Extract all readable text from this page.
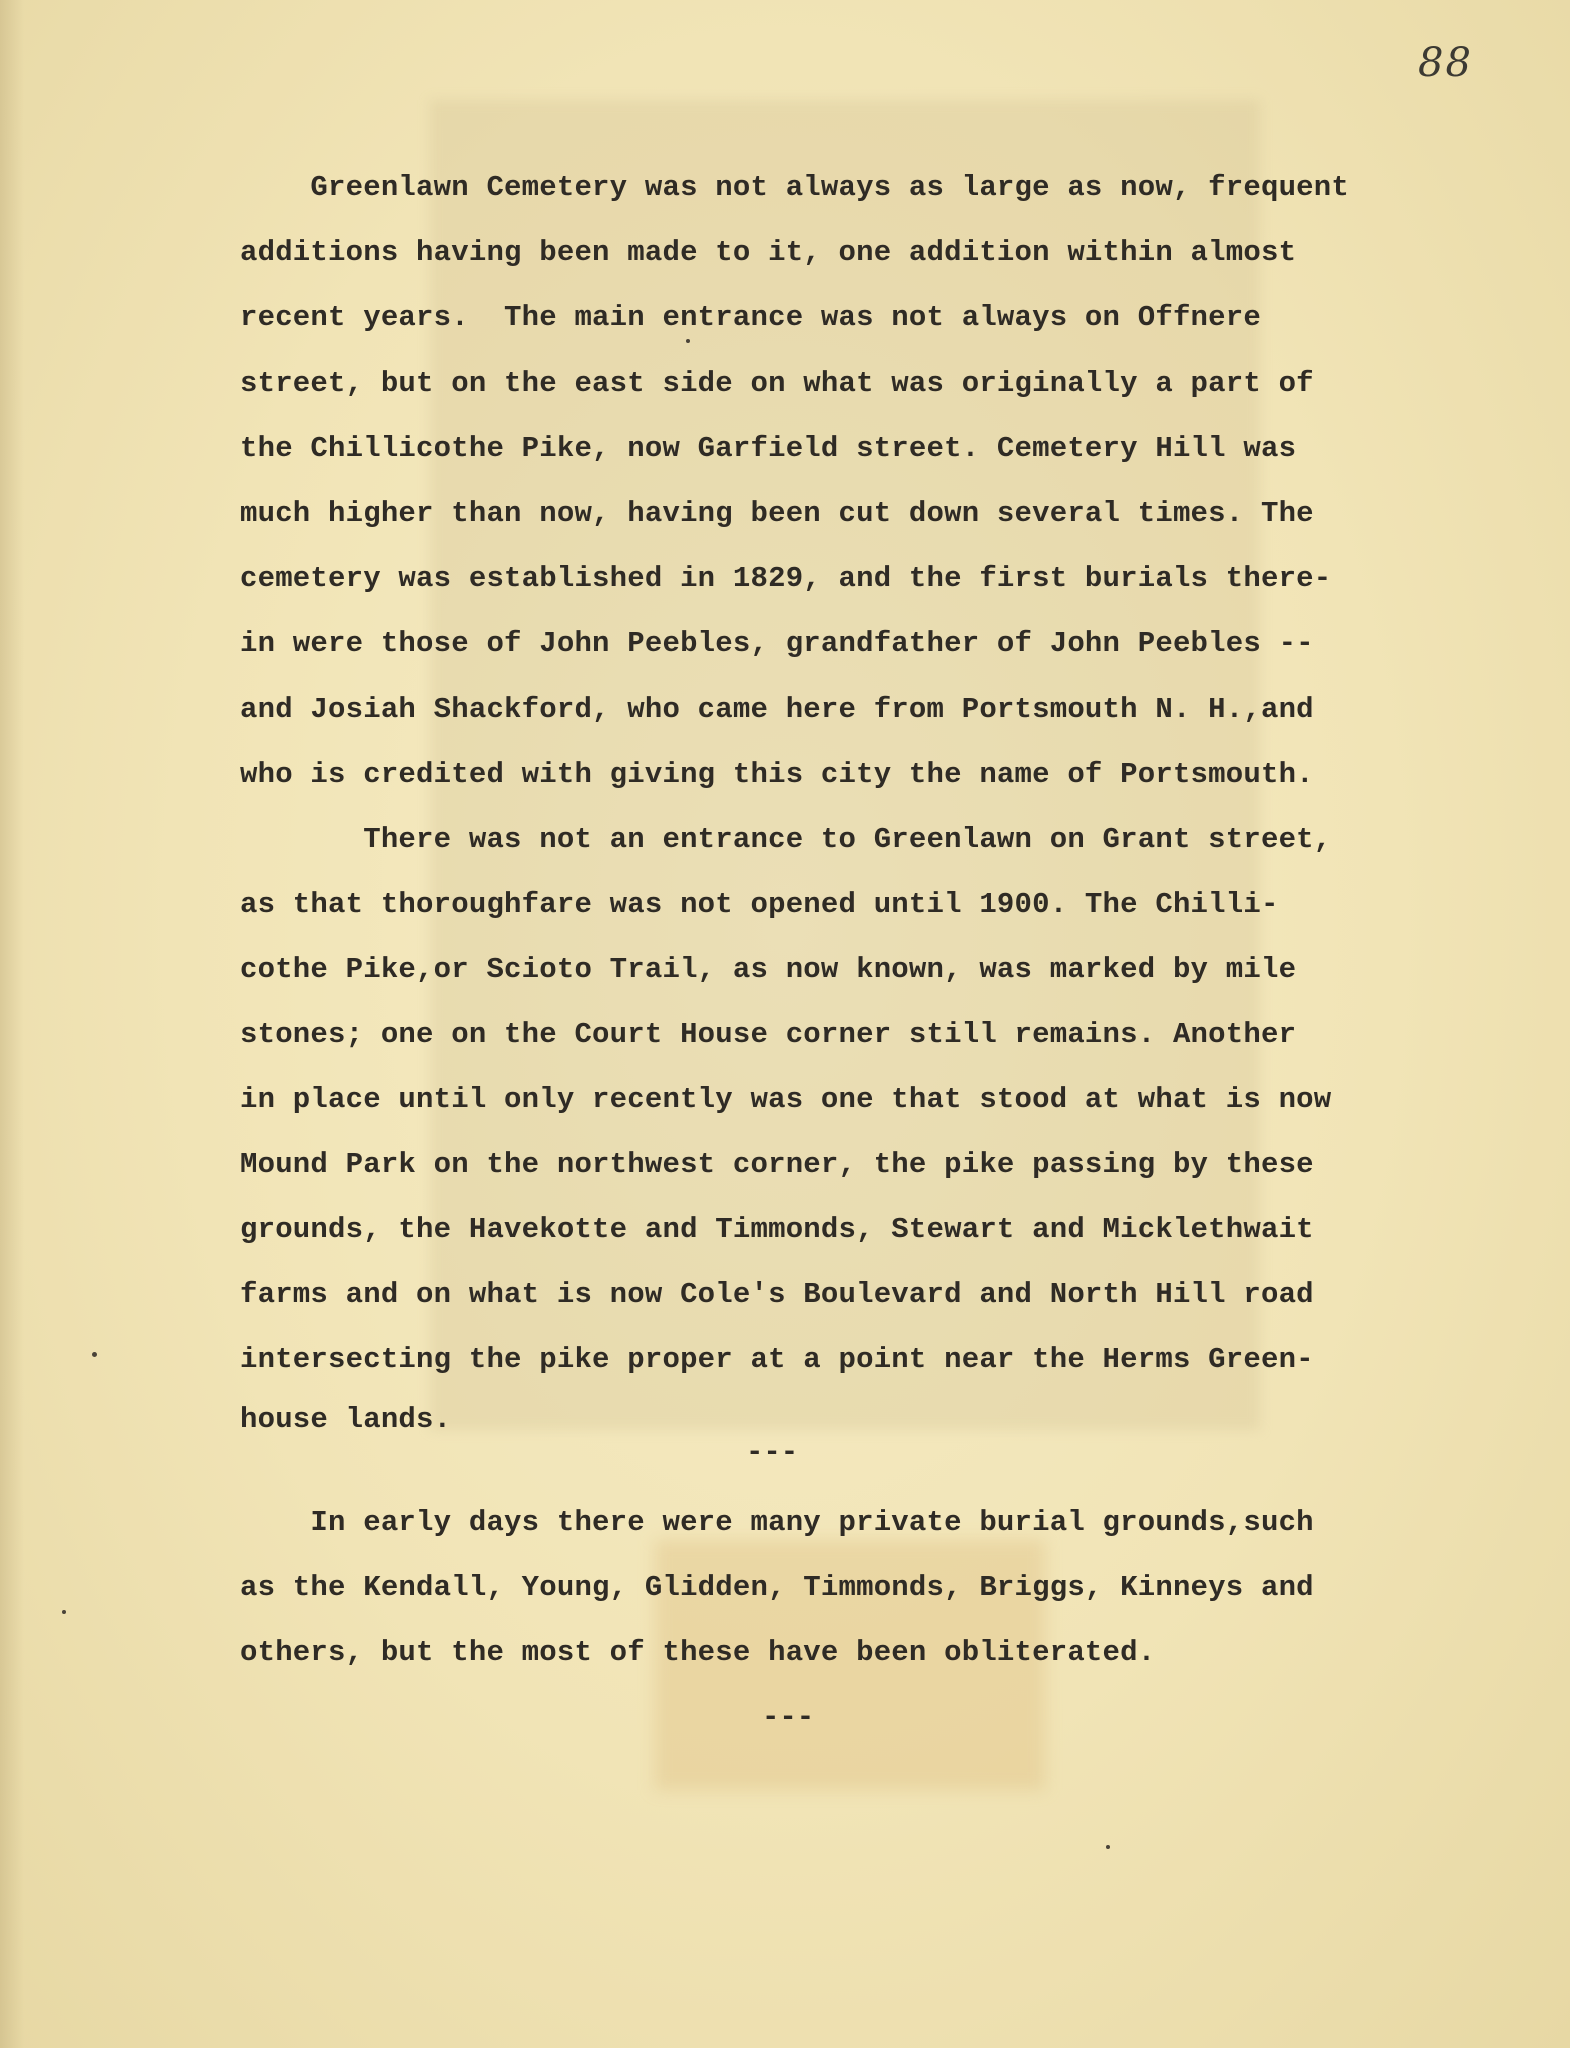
88
Greenlawn Cemetery was not always as large as now, frequent
additions having been made to it, one addition within almost
recent years.  The main entrance was not always on Offnere
street, but on the east side on what was originally a part of
the Chillicothe Pike, now Garfield street. Cemetery Hill was
much higher than now, having been cut down several times. The
cemetery was established in 1829, and the first burials there-
in were those of John Peebles, grandfather of John Peebles --
and Josiah Shackford, who came here from Portsmouth N. H.,and
who is credited with giving this city the name of Portsmouth.
There was not an entrance to Greenlawn on Grant street,
as that thoroughfare was not opened until 1900. The Chilli-
cothe Pike,or Scioto Trail, as now known, was marked by mile
stones; one on the Court House corner still remains. Another
in place until only recently was one that stood at what is now
Mound Park on the northwest corner, the pike passing by these
grounds, the Havekotte and Timmonds, Stewart and Micklethwait
farms and on what is now Cole's Boulevard and North Hill road
intersecting the pike proper at a point near the Herms Green-
house lands.
---
In early days there were many private burial grounds,such
as the Kendall, Young, Glidden, Timmonds, Briggs, Kinneys and
others, but the most of these have been obliterated.
---
